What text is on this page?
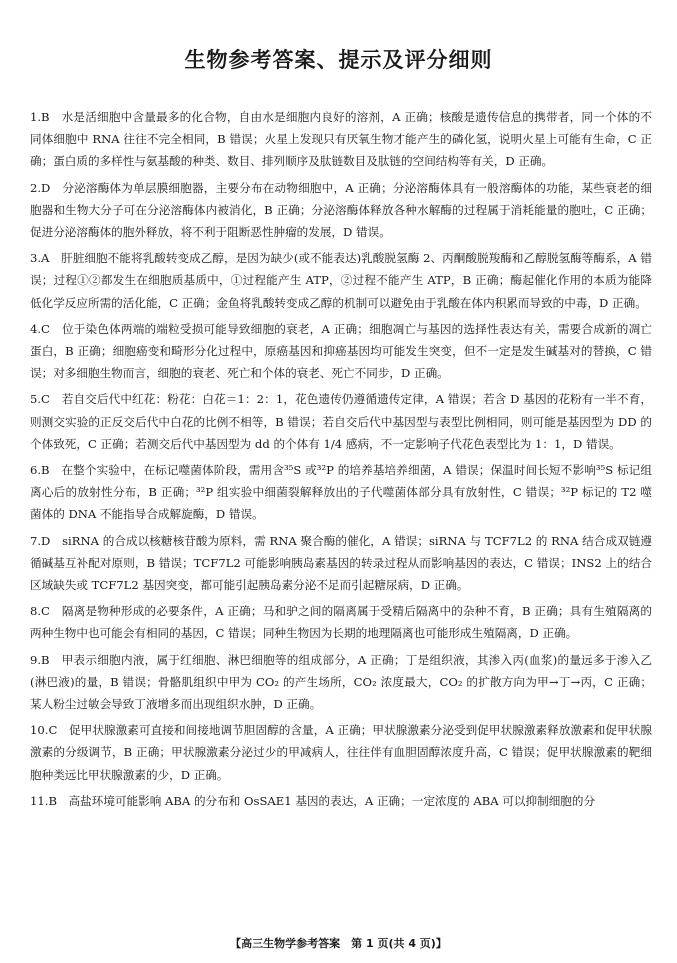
生物参考答案、提示及评分细则

1.B　 水是活细胞中含量最多的化合物，自由水是细胞内良好的溶剂，A 正确；核酸是遗传信息的携带者，同一个体的不同体细胞中 RNA 往往不完全相同，B 错误；火星上发现只有厌氧生物才能产生的磷化氢，说明火星上可能有生命，C 正确；蛋白质的多样性与氨基酸的种类、数目、排列顺序及肽链数目及肽链的空间结构等有关，D 正确。

2.D　 分泌溶酶体为单层膜细胞器，主要分布在动物细胞中，A 正确；分泌溶酶体具有一般溶酶体的功能，某些衰老的细胞器和生物大分子可在分泌溶酶体内被消化，B 正确；分泌溶酶体释放各种水解酶的过程属于消耗能量的胞吐，C 正确；促进分泌溶酶体的胞外释放，将不利于阻断恶性肿瘤的发展，D 错误。

3.A　 肝脏细胞不能将乳酸转变成乙醇，是因为缺少(或不能表达)乳酸脱氢酶 2、丙酮酸脱羧酶和乙醇脱氢酶等酶系，A 错误；过程①②都发生在细胞质基质中，①过程能产生 ATP，②过程不能产生 ATP，B 正确；酶起催化作用的本质为能降低化学反应所需的活化能，C 正确；金鱼将乳酸转变成乙醇的机制可以避免由于乳酸在体内积累而导致的中毒，D 正确。

4.C　 位于染色体两端的端粒受损可能导致细胞的衰老，A 正确；细胞凋亡与基因的选择性表达有关，需要合成新的凋亡蛋白，B 正确；细胞癌变和畸形分化过程中，原癌基因和抑癌基因均可能发生突变，但不一定是发生碱基对的替换，C 错误；对多细胞生物而言，细胞的衰老、死亡和个体的衰老、死亡不同步，D 正确。

5.C　 若自交后代中红花：粉花：白花＝1：2：1，花色遗传仍遵循遗传定律，A 错误；若含 D 基因的花粉有一半不育，则测交实验的正反交后代中白花的比例不相等，B 错误；若自交后代中基因型与表型比例相同，则可能是基因型为 DD 的个体致死，C 正确；若测交后代中基因型为 dd 的个体有 1/4 感病，不一定影响子代花色表型比为 1：1，D 错误。

6.B　 在整个实验中，在标记噬菌体阶段，需用含³⁵S 或³²P 的培养基培养细菌，A 错误；保温时间长短不影响³⁵S 标记组离心后的放射性分布，B 正确；³²P 组实验中细菌裂解释放出的子代噬菌体部分具有放射性，C 错误；³²P 标记的 T2 噬菌体的 DNA 不能指导合成解旋酶，D 错误。

7.D　 siRNA 的合成以核糖核苷酸为原料，需 RNA 聚合酶的催化，A 错误；siRNA 与 TCF7L2 的 RNA 结合成双链遵循碱基互补配对原则，B 错误；TCF7L2 可能影响胰岛素基因的转录过程从而影响基因的表达，C 错误；INS2 上的结合区域缺失或 TCF7L2 基因突变，都可能引起胰岛素分泌不足而引起糖尿病，D 正确。

8.C　 隔离是物种形成的必要条件，A 正确；马和驴之间的隔离属于受精后隔离中的杂种不育，B 正确；具有生殖隔离的两种生物中也可能会有相同的基因，C 错误；同种生物因为长期的地理隔离也可能形成生殖隔离，D 正确。

9.B　 甲表示细胞内液，属于红细胞、淋巴细胞等的组成部分，A 正确；丁是组织液，其渗入丙(血浆)的量远多于渗入乙(淋巴液)的量，B 错误；骨骼肌组织中甲为 CO₂ 的产生场所，CO₂ 浓度最大，CO₂ 的扩散方向为甲→丁→丙，C 正确；某人粉尘过敏会导致丁液增多而出现组织水肿，D 正确。

10.C　 促甲状腺激素可直接和间接地调节胆固醇的含量，A 正确；甲状腺激素分泌受到促甲状腺激素释放激素和促甲状腺激素的分级调节，B 正确；甲状腺激素分泌过少的甲减病人，往往伴有血胆固醇浓度升高，C 错误；促甲状腺激素的靶细胞种类远比甲状腺激素的少，D 正确。

11.B　 高盐环境可能影响 ABA 的分布和 OsSAE1 基因的表达，A 正确；一定浓度的 ABA 可以抑制细胞的分

【高三生物学参考答案　第 1 页(共 4 页)】
